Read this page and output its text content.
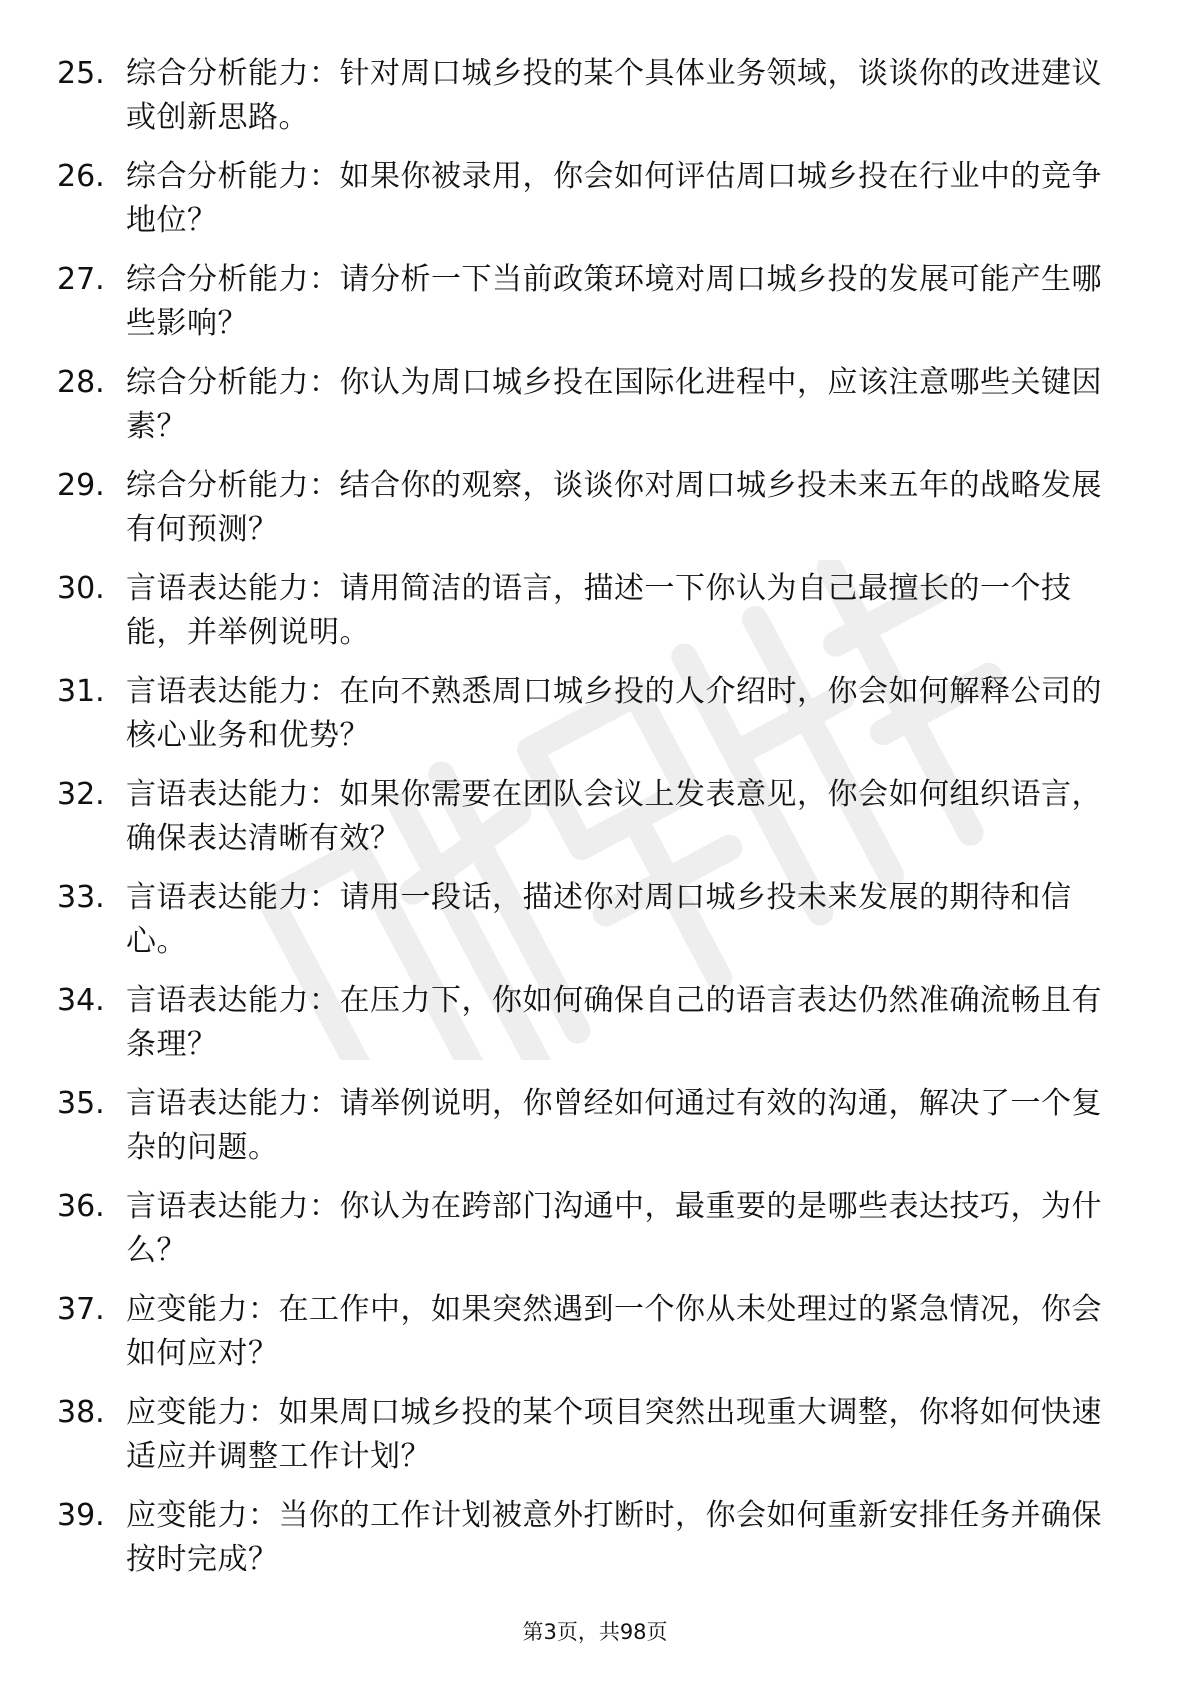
25. 综合分析能力：针对周口城乡投的某个具体业务领域，谈谈你的改进建议或创新思路。
26. 综合分析能力：如果你被录用，你会如何评估周口城乡投在行业中的竞争地位？
27. 综合分析能力：请分析一下当前政策环境对周口城乡投的发展可能产生哪些影响？
28. 综合分析能力：你认为周口城乡投在国际化进程中，应该注意哪些关键因素？
29. 综合分析能力：结合你的观察，谈谈你对周口城乡投未来五年的战略发展有何预测？
30. 言语表达能力：请用简洁的语言，描述一下你认为自己最擅长的一个技能，并举例说明。
31. 言语表达能力：在向不熟悉周口城乡投的人介绍时，你会如何解释公司的核心业务和优势？
32. 言语表达能力：如果你需要在团队会议上发表意见，你会如何组织语言，确保表达清晰有效？
33. 言语表达能力：请用一段话，描述你对周口城乡投未来发展的期待和信心。
34. 言语表达能力：在压力下，你如何确保自己的语言表达仍然准确流畅且有条理？
35. 言语表达能力：请举例说明，你曾经如何通过有效的沟通，解决了一个复杂的问题。
36. 言语表达能力：你认为在跨部门沟通中，最重要的是哪些表达技巧，为什么？
37. 应变能力：在工作中，如果突然遇到一个你从未处理过的紧急情况，你会如何应对？
38. 应变能力：如果周口城乡投的某个项目突然出现重大调整，你将如何快速适应并调整工作计划？
39. 应变能力：当你的工作计划被意外打断时，你会如何重新安排任务并确保按时完成？
第3页，共98页
